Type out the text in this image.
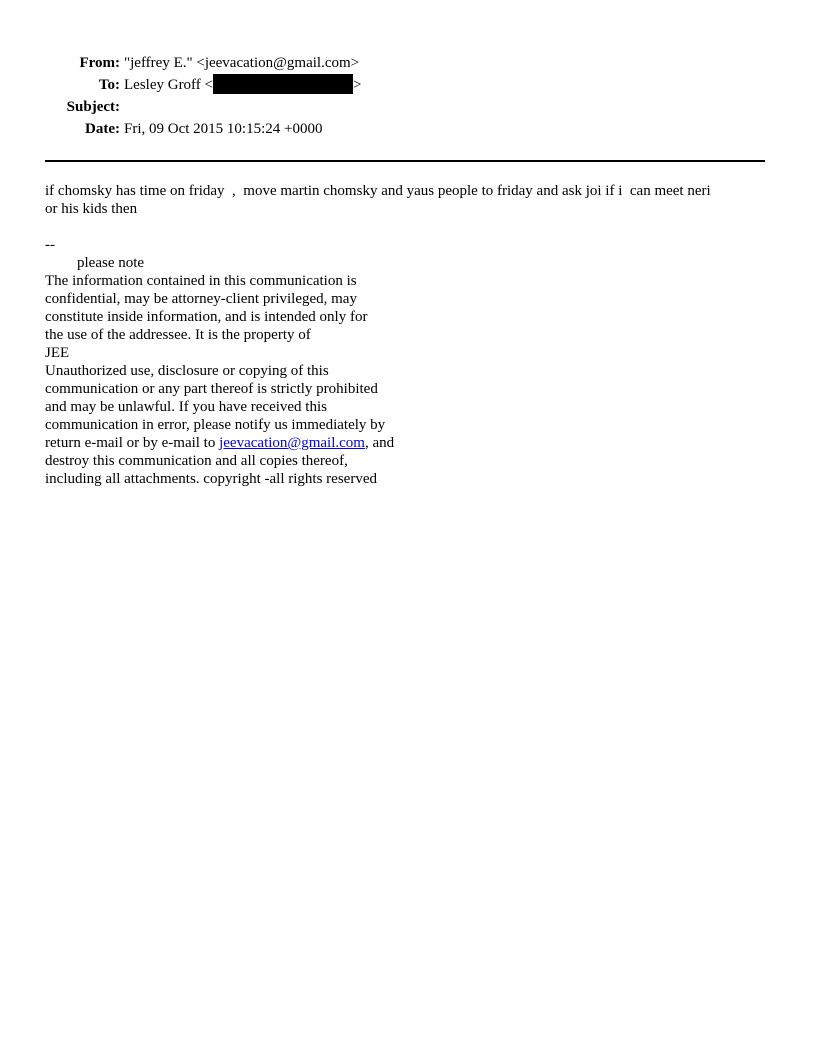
From: "jeffrey E." <jeevacation@gmail.com>
To: Lesley Groff <	>
Subject:
Date: Fri, 09 Oct 2015 10:15:24 +0000
if chomsky has time on friday  ,  move martin chomsky and yaus people to friday and ask joi if i  can meet neri
or his kids then
--
please note
The information contained in this communication is
confidential, may be attorney-client privileged, may
constitute inside information, and is intended only for
the use of the addressee. It is the property of
JEE
Unauthorized use, disclosure or copying of this
communication or any part thereof is strictly prohibited
and may be unlawful. If you have received this
communication in error, please notify us immediately by
return e-mail or by e-mail to jeevacation@gmail.com, and
destroy this communication and all copies thereof,
including all attachments. copyright -all rights reserved
